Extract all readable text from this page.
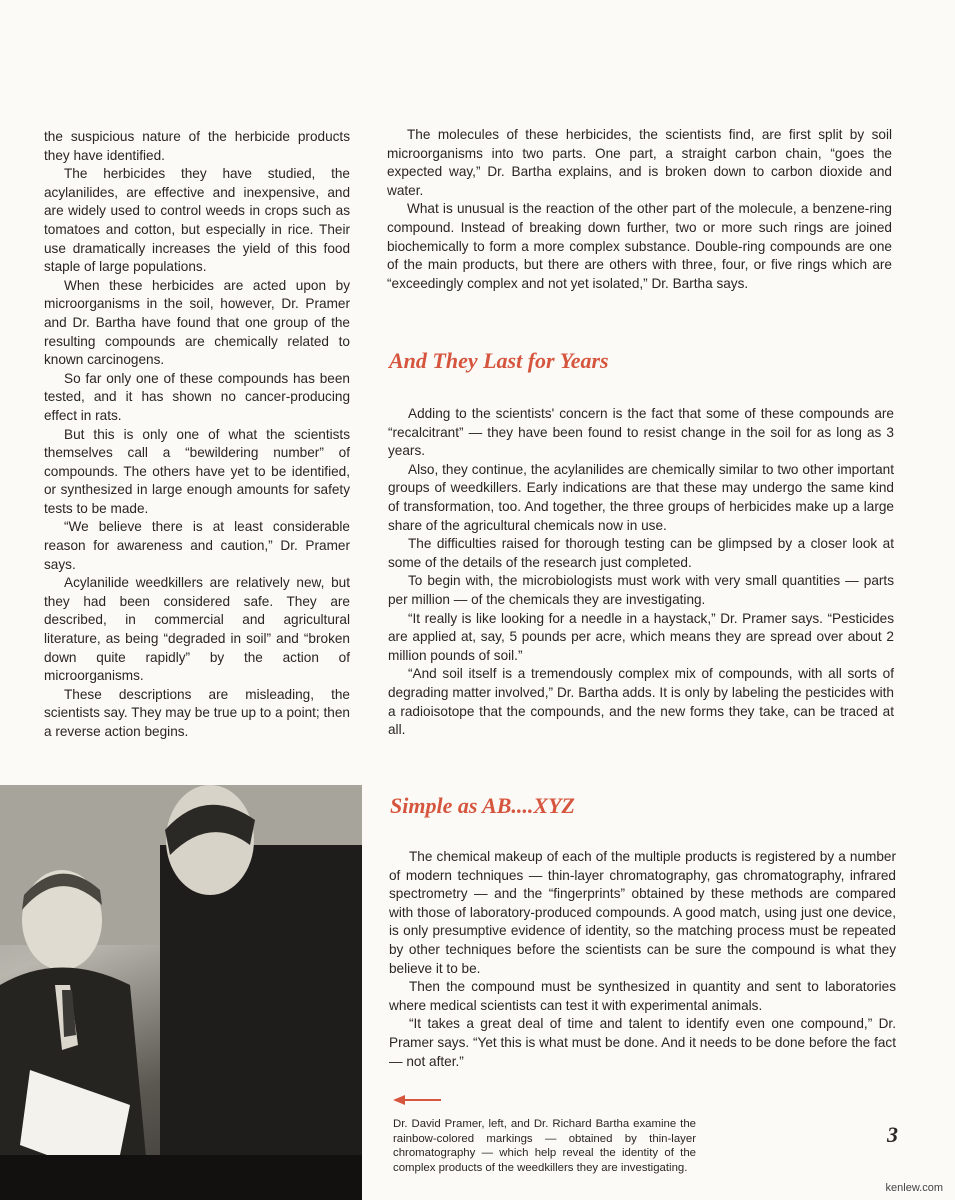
the suspicious nature of the herbicide products they have identified.

The herbicides they have studied, the acylanilides, are effective and inexpensive, and are widely used to control weeds in crops such as tomatoes and cotton, but especially in rice. Their use dramatically increases the yield of this food staple of large populations.

When these herbicides are acted upon by microorganisms in the soil, however, Dr. Pramer and Dr. Bartha have found that one group of the resulting compounds are chemically related to known carcinogens.

So far only one of these compounds has been tested, and it has shown no cancer-producing effect in rats.

But this is only one of what the scientists themselves call a “bewildering number” of compounds. The others have yet to be identified, or synthesized in large enough amounts for safety tests to be made.

“We believe there is at least considerable reason for awareness and caution,” Dr. Pramer says.

Acylanilide weedkillers are relatively new, but they had been considered safe. They are described, in commercial and agricultural literature, as being “degraded in soil” and “broken down quite rapidly” by the action of microorganisms.

These descriptions are misleading, the scientists say. They may be true up to a point; then a reverse action begins.

The molecules of these herbicides, the scientists find, are first split by soil microorganisms into two parts. One part, a straight carbon chain, “goes the expected way,” Dr. Bartha explains, and is broken down to carbon dioxide and water.

What is unusual is the reaction of the other part of the molecule, a benzene-ring compound. Instead of breaking down further, two or more such rings are joined biochemically to form a more complex substance. Double-ring compounds are one of the main products, but there are others with three, four, or five rings which are “exceedingly complex and not yet isolated,” Dr. Bartha says.

And They Last for Years

Adding to the scientists' concern is the fact that some of these compounds are “recalcitrant” — they have been found to resist change in the soil for as long as 3 years.

Also, they continue, the acylanilides are chemically similar to two other important groups of weedkillers. Early indications are that these may undergo the same kind of transformation, too. And together, the three groups of herbicides make up a large share of the agricultural chemicals now in use.

The difficulties raised for thorough testing can be glimpsed by a closer look at some of the details of the research just completed.

To begin with, the microbiologists must work with very small quantities — parts per million — of the chemicals they are investigating.

“It really is like looking for a needle in a haystack,” Dr. Pramer says. “Pesticides are applied at, say, 5 pounds per acre, which means they are spread over about 2 million pounds of soil.”

“And soil itself is a tremendously complex mix of compounds, with all sorts of degrading matter involved,” Dr. Bartha adds. It is only by labeling the pesticides with a radioisotope that the compounds, and the new forms they take, can be traced at all.

Simple as AB....XYZ

The chemical makeup of each of the multiple products is registered by a number of modern techniques — thin-layer chromatography, gas chromatography, infrared spectrometry — and the “fingerprints” obtained by these methods are compared with those of laboratory-produced compounds. A good match, using just one device, is only presumptive evidence of identity, so the matching process must be repeated by other techniques before the scientists can be sure the compound is what they believe it to be.

Then the compound must be synthesized in quantity and sent to laboratories where medical scientists can test it with experimental animals.

“It takes a great deal of time and talent to identify even one compound,” Dr. Pramer says. “Yet this is what must be done. And it needs to be done before the fact — not after.”

Dr. David Pramer, left, and Dr. Richard Bartha examine the rainbow-colored markings — obtained by thin-layer chromatography — which help reveal the identity of the complex products of the weedkillers they are investigating.
3
kenlew.com
